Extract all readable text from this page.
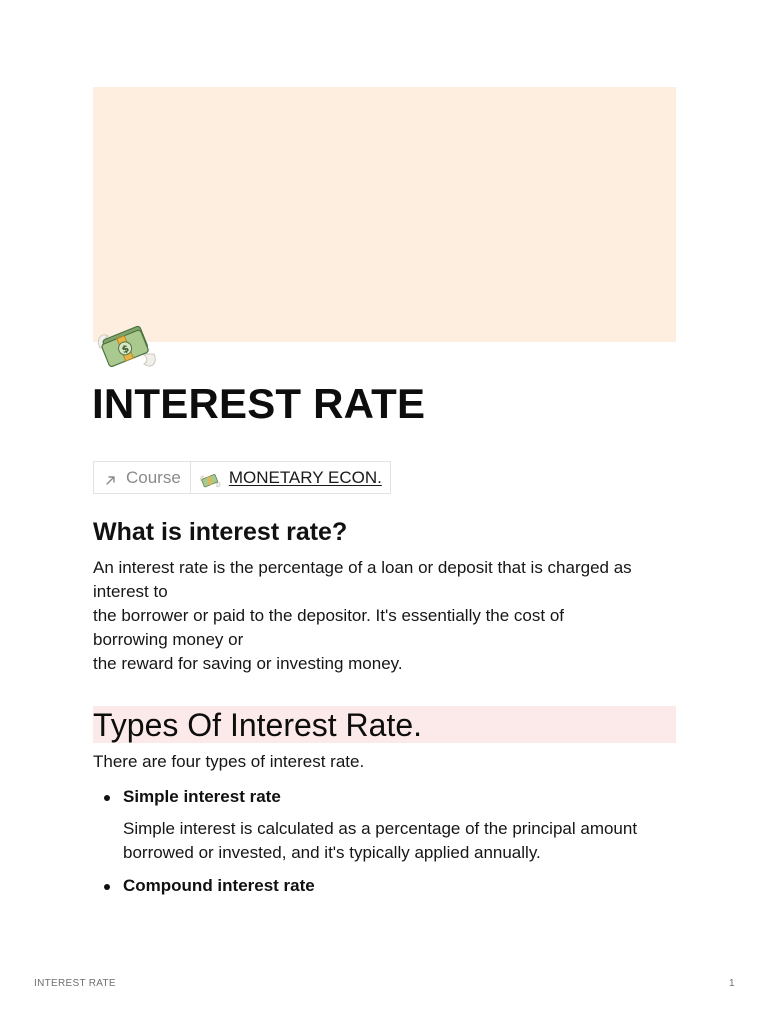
$
INTEREST RATE
Course	MONETARY ECON.
What is interest rate?

An interest rate is the percentage of a loan or deposit that is charged as
interest to
the borrower or paid to the depositor. It's essentially the cost of
borrowing money or
the reward for saving or investing money.

Types Of Interest Rate.

There are four types of interest rate.

Simple interest rate

Simple interest is calculated as a percentage of the principal amount
borrowed or invested, and it's typically applied annually.

Compound interest rate

INTEREST RATE	1
